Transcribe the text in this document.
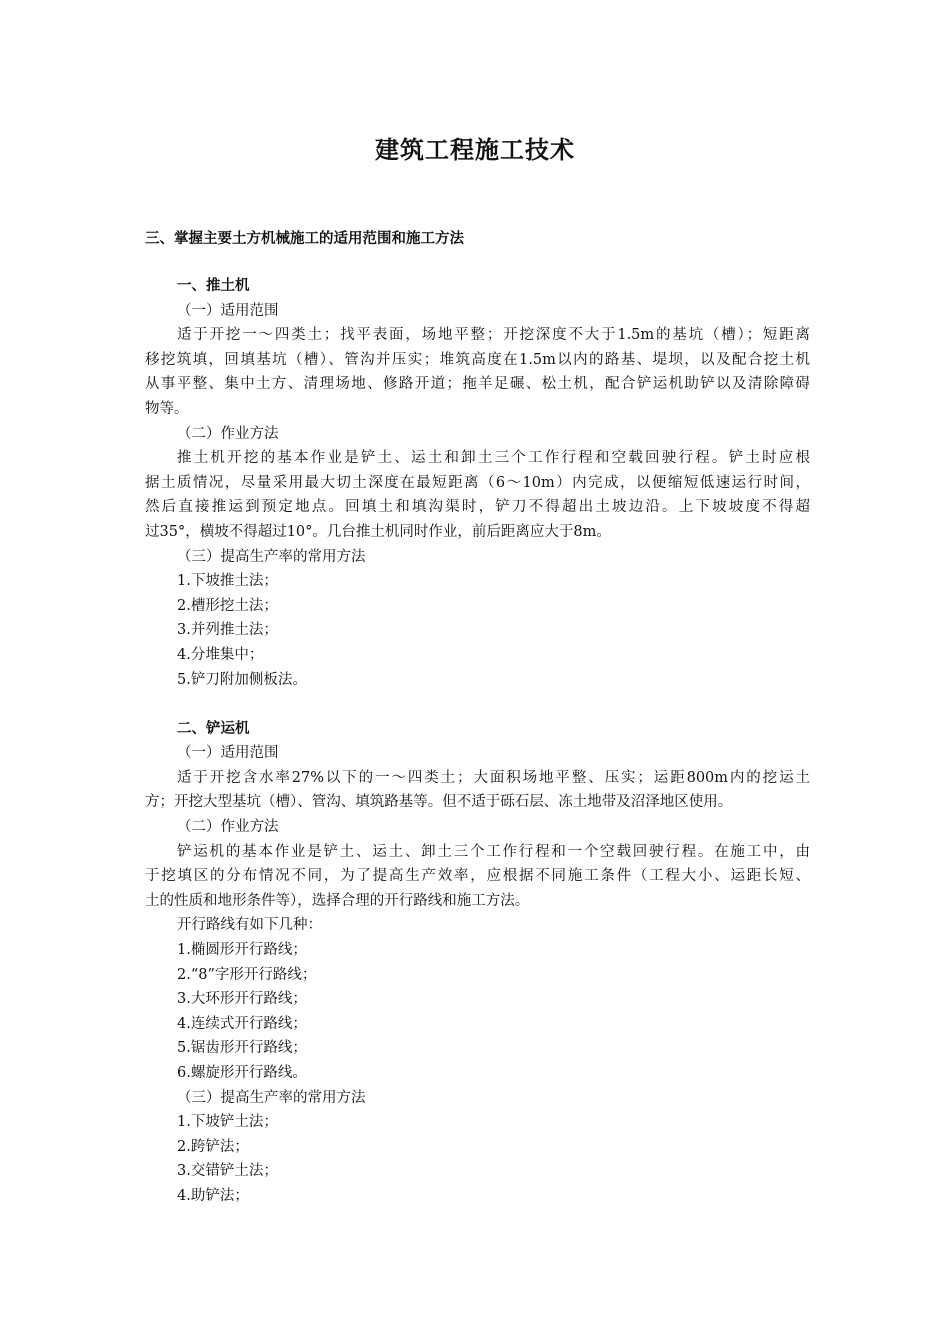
建筑工程施工技术
三、掌握主要土方机械施工的适用范围和施工方法
一、推土机
（一）适用范围
适于开挖一～四类土；找平表面，场地平整；开挖深度不大于1.5m的基坑（槽）；短距离
移挖筑填，回填基坑（槽）、管沟并压实；堆筑高度在1.5m以内的路基、堤坝，以及配合挖土机
从事平整、集中土方、清理场地、修路开道；拖羊足碾、松土机，配合铲运机助铲以及清除障碍
物等。
（二）作业方法
推土机开挖的基本作业是铲土、运土和卸土三个工作行程和空载回驶行程。铲土时应根
据土质情况，尽量采用最大切土深度在最短距离（6～10m）内完成，以便缩短低速运行时间，
然后直接推运到预定地点。回填土和填沟渠时，铲刀不得超出土坡边沿。上下坡坡度不得超
过35°，横坡不得超过10°。几台推土机同时作业，前后距离应大于8m。
（三）提高生产率的常用方法
1.下坡推土法；
2.槽形挖土法；
3.并列推土法；
4.分堆集中；
5.铲刀附加侧板法。
二、铲运机
（一）适用范围
适于开挖含水率27%以下的一～四类土；大面积场地平整、压实；运距800m内的挖运土
方；开挖大型基坑（槽）、管沟、填筑路基等。但不适于砾石层、冻土地带及沼泽地区使用。
（二）作业方法
铲运机的基本作业是铲土、运土、卸土三个工作行程和一个空载回驶行程。在施工中，由
于挖填区的分布情况不同，为了提高生产效率，应根据不同施工条件（工程大小、运距长短、
土的性质和地形条件等），选择合理的开行路线和施工方法。
开行路线有如下几种：
1.椭圆形开行路线；
2.“8”字形开行路线；
3.大环形开行路线；
4.连续式开行路线；
5.锯齿形开行路线；
6.螺旋形开行路线。
（三）提高生产率的常用方法
1.下坡铲土法；
2.跨铲法；
3.交错铲土法；
4.助铲法；
